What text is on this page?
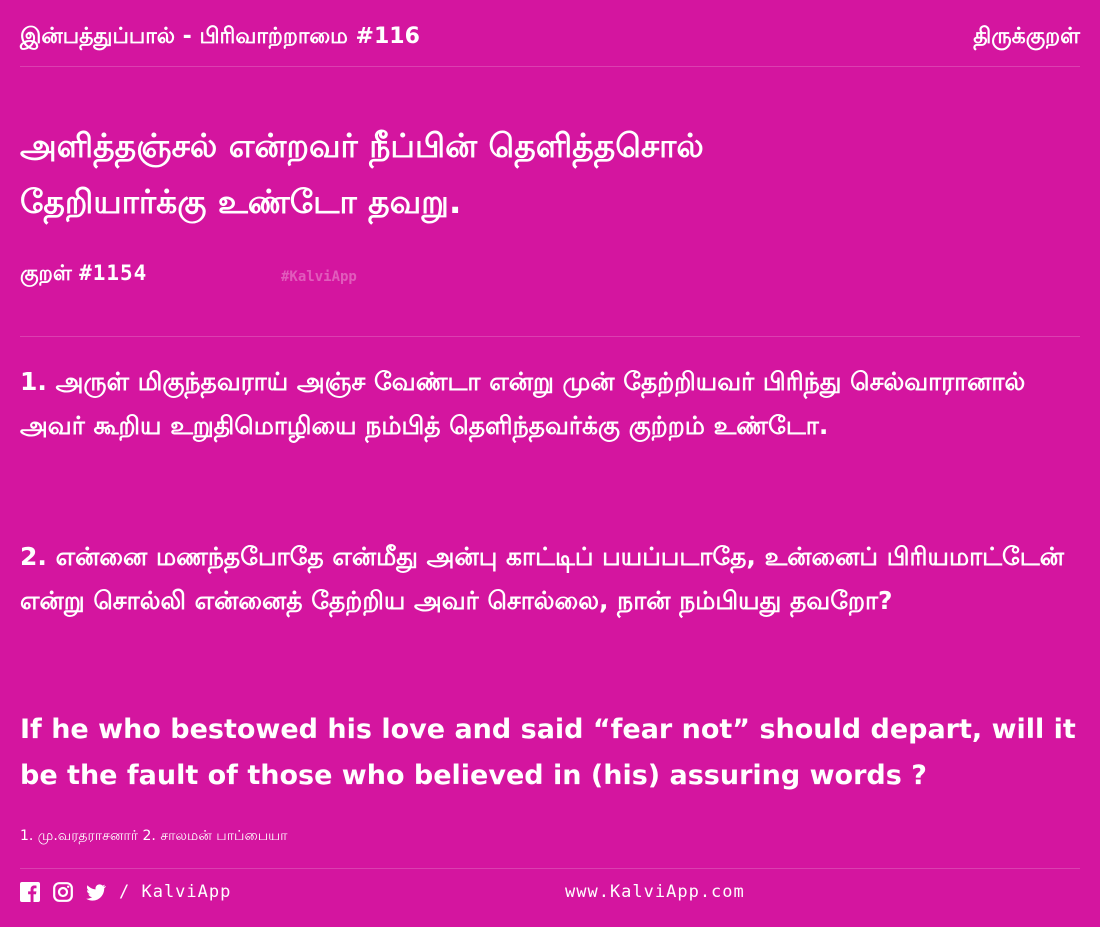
இன்பத்துப்பால் - பிரிவாற்றாமை #116	திருக்குறள்
அளித்தஞ்சல் என்றவர் நீப்பின் தெளித்தசொல்
தேறியார்க்கு உண்டோ தவறு.
குறள் #1154	#KalviApp
1. அருள் மிகுந்தவராய் அஞ்ச வேண்டா என்று முன் தேற்றியவர் பிரிந்து செல்வாரானால் அவர் கூறிய உறுதிமொழியை நம்பித் தெளிந்தவர்க்கு குற்றம் உண்டோ.
2. என்னை மணந்தபோதே என்மீது அன்பு காட்டிப் பயப்படாதே, உன்னைப் பிரியமாட்டேன் என்று சொல்லி என்னைத் தேற்றிய அவர் சொல்லை, நான் நம்பியது தவறோ?
If he who bestowed his love and said “fear not” should depart, will it be the fault of those who believed in (his) assuring words ?
1. மு.வரதராசனார் 2. சாலமன் பாப்பையா
/ KalviApp	www.KalviApp.com
